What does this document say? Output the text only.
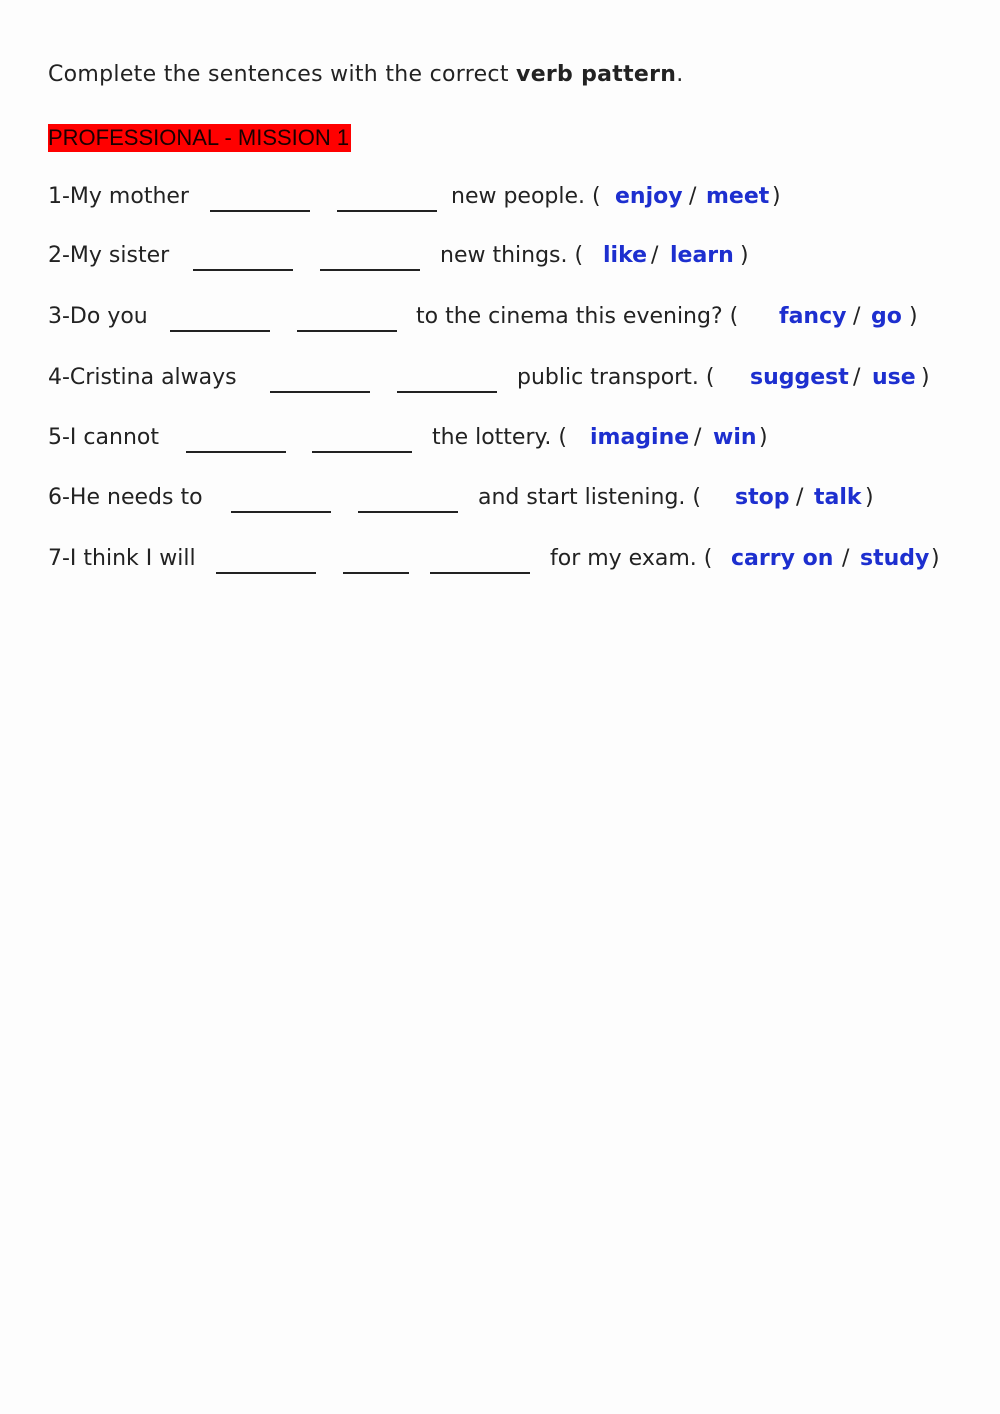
Complete the sentences with the correct verb pattern.
PROFESSIONAL - MISSION 1
1-My mother	new people. ( enjoy / meet )
2-My sister	new things. ( like / learn )
3-Do you	to the cinema this evening? ( fancy / go )
4-Cristina always	public transport. ( suggest / use )
5-I cannot	the lottery. ( imagine / win )
6-He needs to	and start listening. ( stop / talk )
7-I think I will	for my exam. ( carry on / study )
